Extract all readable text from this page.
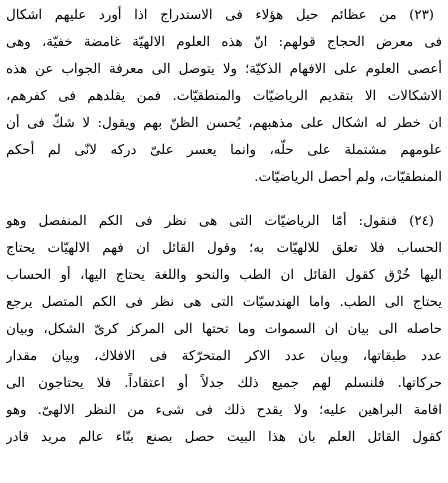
(٢٣) من عظائم حيل هؤلاء فى الاستدراج اذا أورد عليهم اشكال
فى معرض الحجاج قولهم: انّ هذه العلوم الالهيّة غامضة خفيّة، وهى
أعصى العلوم على الافهام الذكيّة؛ ولا يتوصل الى معرفة الجواب عن هذه
الاشكالات الا بتقديم الرياضيّات والمنطقيّات. فمن يقلدهم فى كفرهم،
ان خطر له اشكال على مذهبهم، يُحسن الظنّ بهم ويقول: لا شكّ فى أن
علومهم مشتملة على حلّه، وانما يعسر علىّ دركه لانّى لم أحكم
المنطقيّات، ولم أحصل الرياضيّات.
(٢٤) فنقول: أمّا الرياضيّات التى هى نظر فى الكم المنفصل وهو
الحساب فلا تعلق للالهيّات به؛ وقول القائل ان فهم الالهيّات يحتاج
اليها خُرْق كقول القائل ان الطب والنحو واللغة يحتاج اليها، أو الحساب
يحتاج الى الطب. واما الهندسيّات التى هى نظر فى الكم المتصل يرجع
حاصله الى بيان ان السموات وما تحتها الى المركز كرىّ الشكل، وبيان
عدد طبقاتها، وبيان عدد الاكر المتحرّكة فى الافلاك، وبيان مقدار
حركاتها. فلنسلم لهم جميع ذلك جدلاً أو اعتقاداً. فلا يحتاجون الى
اقامة البراهين عليه؛ ولا يقدح ذلك فى شىء من النظر الالهىّ. وهو
كقول القائل العلم بان هذا البيت حصل بصنع بنّاء عالم مريد قادر
